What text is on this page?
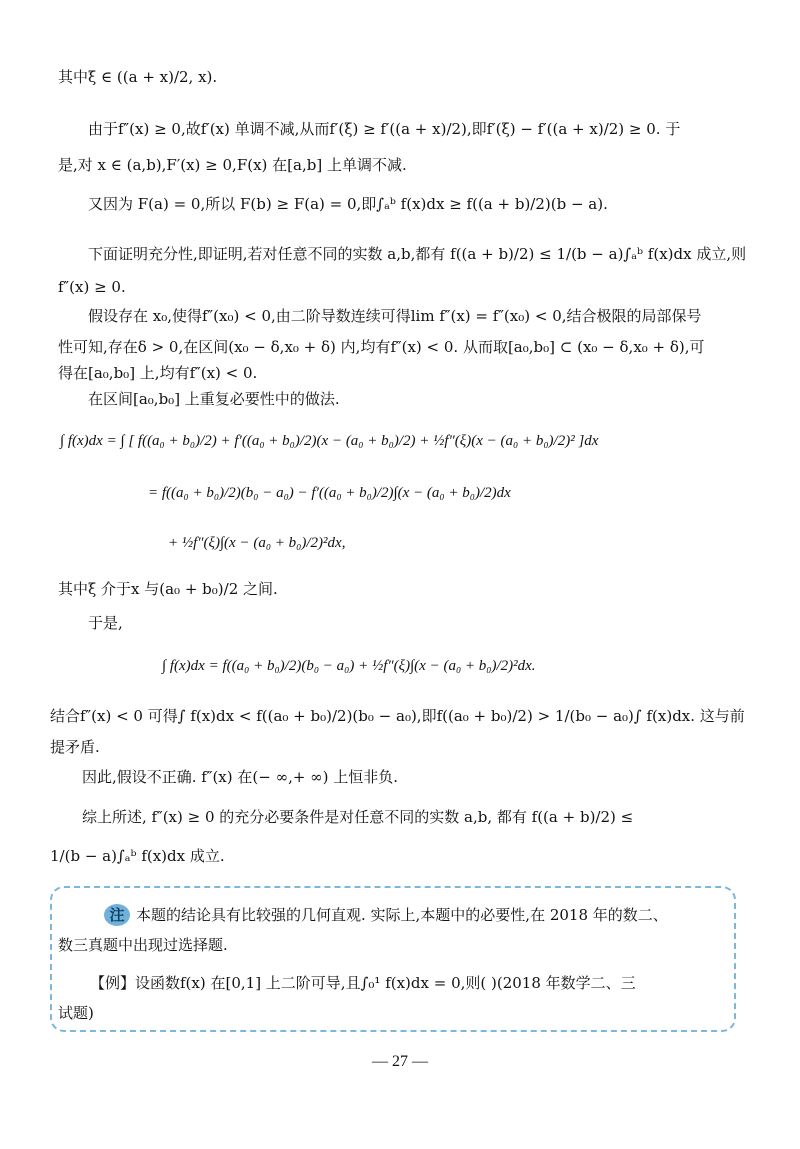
其中ξ ∈ ((a + x)/2, x).
由于f″(x) ≥ 0,故f′(x) 单调不减,从而f′(ξ) ≥ f′((a + x)/2),即f′(ξ) − f′((a + x)/2) ≥ 0. 于
是,对 x ∈ (a,b),F′(x) ≥ 0,F(x) 在[a,b] 上单调不减.
又因为 F(a) = 0,所以 F(b) ≥ F(a) = 0,即∫ₐᵇ f(x)dx ≥ f((a + b)/2)(b − a).
下面证明充分性,即证明,若对任意不同的实数 a,b,都有 f((a + b)/2) ≤ 1/(b − a)∫ₐᵇ f(x)dx 成立,则
f″(x) ≥ 0.
假设存在 x₀,使得f″(x₀) < 0,由二阶导数连续可得lim f″(x) = f″(x₀) < 0,结合极限的局部保号
性可知,存在δ > 0,在区间(x₀ − δ,x₀ + δ) 内,均有f″(x) < 0. 从而取[a₀,b₀] ⊂ (x₀ − δ,x₀ + δ),可
得在[a₀,b₀] 上,均有f″(x) < 0.
在区间[a₀,b₀] 上重复必要性中的做法.
∫ f(x)dx = ∫ [ f((a₀ + b₀)/2) + f′((a₀ + b₀)/2)(x − (a₀ + b₀)/2) + ½f″(ξ)(x − (a₀ + b₀)/2)² ]dx
= f((a₀ + b₀)/2)(b₀ − a₀) − f′((a₀ + b₀)/2)∫(x − (a₀ + b₀)/2)dx
+ ½f″(ξ)∫(x − (a₀ + b₀)/2)²dx,
其中ξ 介于x 与(a₀ + b₀)/2 之间.
于是,
∫ f(x)dx = f((a₀ + b₀)/2)(b₀ − a₀) + ½f″(ξ)∫(x − (a₀ + b₀)/2)²dx.
结合f″(x) < 0 可得∫ f(x)dx < f((a₀ + b₀)/2)(b₀ − a₀),即f((a₀ + b₀)/2) > 1/(b₀ − a₀)∫ f(x)dx. 这与前
提矛盾.
因此,假设不正确. f″(x) 在(− ∞,+ ∞) 上恒非负.
综上所述, f″(x) ≥ 0 的充分必要条件是对任意不同的实数 a,b, 都有 f((a + b)/2) ≤
1/(b − a)∫ₐᵇ f(x)dx 成立.
注 本题的结论具有比较强的几何直观. 实际上,本题中的必要性,在 2018 年的数二、
数三真题中出现过选择题.
【例】设函数f(x) 在[0,1] 上二阶可导,且∫₀¹ f(x)dx = 0,则( )(2018 年数学二、三
试题)
— 27 —
